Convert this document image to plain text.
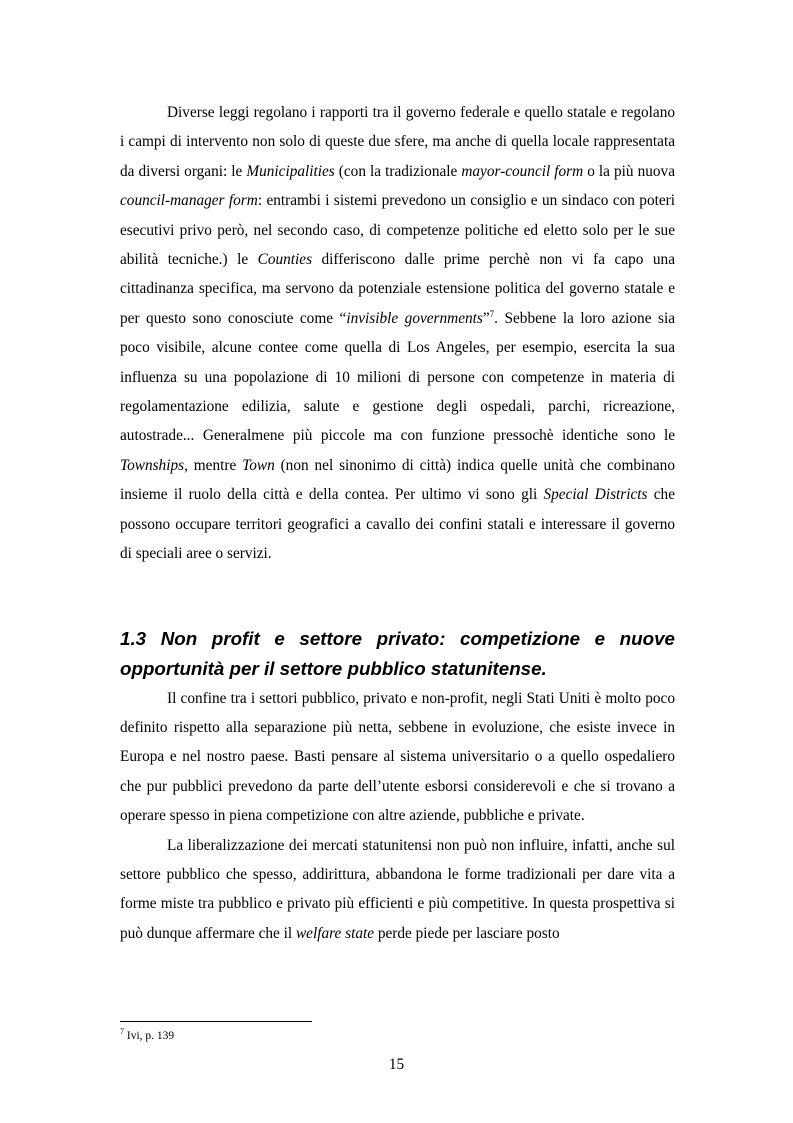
Diverse leggi regolano i rapporti tra il governo federale e quello statale e regolano i campi di intervento non solo di queste due sfere, ma anche di quella locale rappresentata da diversi organi: le Municipalities (con la tradizionale mayor-council form o la più nuova council-manager form: entrambi i sistemi prevedono un consiglio e un sindaco con poteri esecutivi privo però, nel secondo caso, di competenze politiche ed eletto solo per le sue abilità tecniche.) le Counties differiscono dalle prime perchè non vi fa capo una cittadinanza specifica, ma servono da potenziale estensione politica del governo statale e per questo sono conosciute come “invisible governments”$^7$. Sebbene la loro azione sia poco visibile, alcune contee come quella di Los Angeles, per esempio, esercita la sua influenza su una popolazione di 10 milioni di persone con competenze in materia di regolamentazione edilizia, salute e gestione degli ospedali, parchi, ricreazione, autostrade... Generalmene più piccole ma con funzione pressochè identiche sono le Townships, mentre Town (non nel sinonimo di città) indica quelle unità che combinano insieme il ruolo della città e della contea. Per ultimo vi sono gli Special Districts che possono occupare territori geografici a cavallo dei confini statali e interessare il governo di speciali aree o servizi.

1.3 Non profit e settore privato: competizione e nuove opportunità per il settore pubblico statunitense.

Il confine tra i settori pubblico, privato e non-profit, negli Stati Uniti è molto poco definito rispetto alla separazione più netta, sebbene in evoluzione, che esiste invece in Europa e nel nostro paese. Basti pensare al sistema universitario o a quello ospedaliero che pur pubblici prevedono da parte dell’utente esborsi considerevoli e che si trovano a operare spesso in piena competizione con altre aziende, pubbliche e private.

La liberalizzazione dei mercati statunitensi non può non influire, infatti, anche sul settore pubblico che spesso, addirittura, abbandona le forme tradizionali per dare vita a forme miste tra pubblico e privato più efficienti e più competitive. In questa prospettiva si può dunque affermare che il welfare state perde piede per lasciare posto

$^7$ Ivi, p. 139
15
